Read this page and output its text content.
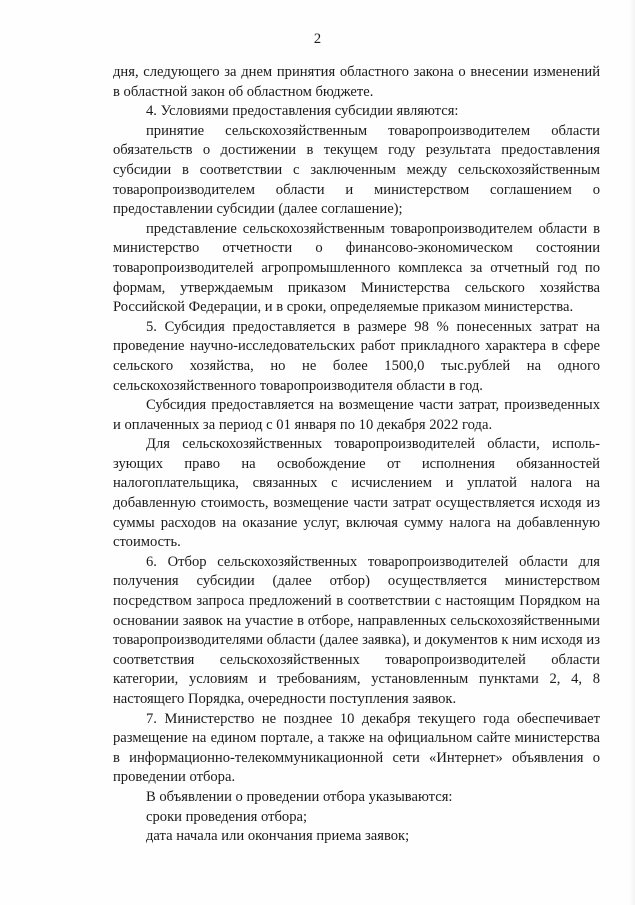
2

дня, следующего за днем принятия областного закона о внесении изменений в областной закон об областном бюджете.

4. Условиями предоставления субсидии являются:

принятие сельскохозяйственным товаропроизводителем области обязательств о достижении в текущем году результата предоставления субсидии в соответствии с заключенным между сельскохозяйственным товаропроизводителем области и министерством соглашением о предоставлении субсидии (далее соглашение);

представление сельскохозяйственным товаропроизводителем области в министерство отчетности о финансово-экономическом состоянии товаропроизводителей агропромышленного комплекса за отчетный год по формам, утверждаемым приказом Министерства сельского хозяйства Российской Федерации, и в сроки, определяемые приказом министерства.

5. Субсидия предоставляется в размере 98 % понесенных затрат на проведение научно-исследовательских работ прикладного характера в сфере сельского хозяйства, но не более 1500,0 тыс.рублей на одного сельскохозяйственного товаропроизводителя области в год.

Субсидия предоставляется на возмещение части затрат, произведенных и оплаченных за период с 01 января по 10 декабря 2022 года.

Для сельскохозяйственных товаропроизводителей области, исполь-зующих право на освобождение от исполнения обязанностей налогоплательщика, связанных с исчислением и уплатой налога на добавленную стоимость, возмещение части затрат осуществляется исходя из суммы расходов на оказание услуг, включая сумму налога на добавленную стоимость.

6. Отбор сельскохозяйственных товаропроизводителей области для получения субсидии (далее отбор) осуществляется министерством посредством запроса предложений в соответствии с настоящим Порядком на основании заявок на участие в отборе, направленных сельскохозяйственными товаропроизводителями области (далее заявка), и документов к ним исходя из соответствия сельскохозяйственных товаропроизводителей области категории, условиям и требованиям, установленным пунктами 2, 4, 8 настоящего Порядка, очередности поступления заявок.

7. Министерство не позднее 10 декабря текущего года обеспечивает размещение на едином портале, а также на официальном сайте министерства в информационно-телекоммуникационной сети «Интернет» объявления о проведении отбора.

В объявлении о проведении отбора указываются:

сроки проведения отбора;

дата начала или окончания приема заявок;
